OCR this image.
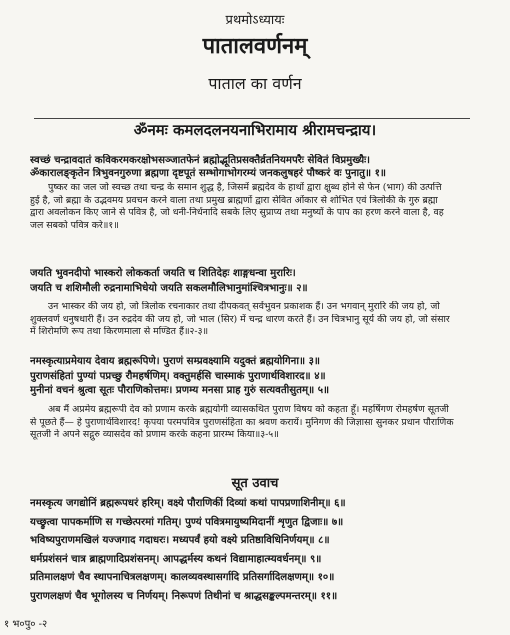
प्रथमोऽध्यायः
पातालवर्णनम्
पाताल का वर्णन
ॐनमः कमलदलनयनाभिरामाय श्रीरामचन्द्राय।
स्वच्छं चन्द्रावदातं कविकरमकरक्षोभसञ्जातफेनं ब्रह्मोद्भूतिप्रसक्तैर्व्रतनियमपरैः सेवितं विप्रमुख्यैः।
ॐकारालङ्कृतेन त्रिभुवनगुरुणा ब्रह्मणा दृष्टपूतं सम्भोगाभोगरम्यं जनकलुषहरं पौष्करं वः पुनातु॥ १॥
पुष्कर का जल जो स्वच्छ तथा चन्द्र के समान शुद्ध है, जिसमें ब्रह्मदेव के हाथों द्वारा क्षुब्ध होने से फेन (भाग) की उत्पत्ति
हुई है, जो ब्रह्मा के उद्भवमय प्रवचन करने वाला तथा प्रमुख ब्राह्मणों द्वारा सेवित ओंकार से शोभित एवं त्रिलोकी के गुरु ब्रह्मा
द्वारा अवलोकन किए जाने से पवित्र है, जो धनी-निर्धनादि सबके लिए सुप्राप्य तथा मनुष्यों के पाप का हरण करने वाला है, वह
जल सबको पवित्र करे॥१॥
जयति भुवनदीपो भास्करो लोककर्ता जयति च शितिदेहः शाङ्गधन्वा मुरारिः।
जयति च शशिमौली रुद्रनामाभिधेयो जयति सकलमौलिभानुमांश्चित्रभानुः॥ २॥
उन भास्कर की जय हो, जो त्रिलोक रचनाकार तथा दीपकवत् सर्वभुवन प्रकाशक हैं। उन भगवान् मुरारि की जय हो, जो
शुक्लवर्ण धनुषधारी हैं। उन रुद्रदेव की जय हो, जो भाल (सिर) में चन्द्र धारण करते हैं। उन चित्रभानु सूर्य की जय हो, जो संसार
में शिरोमणि रूप तथा किरणमाला से मण्डित हैं॥२-३॥
नमस्कृत्याप्रमेयाय देवाय ब्रह्मरूपिणे। पुराणं सम्प्रवक्ष्यामि यदुक्तं ब्रह्मयोगिना॥ ३॥
पुराणसंहितां पुण्यां पप्रच्छु रौमहर्षणिम्। वक्तुमर्हसि चास्माकं पुराणार्थविशारद॥ ४॥
मुनीनां वचनं श्रुत्वा सूतः पौराणिकोत्तमः। प्रणम्य मनसा प्राह गुरुं सत्यवतीसुतम्॥ ५॥
अब मैं अप्रमेय ब्रह्मरूपी देव को प्रणाम करके ब्रह्मयोगी व्यासकथित पुराण विषय को कहता हूँ। महर्षिगण रोमहर्षण सूतजी
से पूछते हैं— हे पुराणार्थविशारद! कृपया परमपवित्र पुराणसंहिता का श्रवण करायें। मुनिगण की जिज्ञासा सुनकर प्रधान पौराणिक
सूतजी ने अपने सद्गुरु व्यासदेव को प्रणाम करके कहना प्रारम्भ किया॥३-५॥
सूत उवाच
नमस्कृत्य जगद्योनिं ब्रह्मरूपधरं हरिम्। वक्ष्ये पौराणिकीं दिव्यां कथां पापप्रणाशिनीम्॥ ६॥
यच्छ्रुत्वा पापकर्माणि स गच्छेत्परमां गतिम्। पुण्यं पवित्रमायुष्यमिदानीं शृणुत द्विजाः॥ ७॥
भविष्यपुराणमखिलं यज्जगाद गदाधरः। मध्यपर्वं हयो वक्ष्ये प्रतिष्ठाविधिनिर्णयम्॥ ८॥
धर्मप्रशंसनं चात्र ब्राह्मणादिप्रशंसनम्। आपद्धर्मस्य कथनं विद्यामाहात्म्यवर्धनम्॥ ९॥
प्रतिमालक्षणं चैव स्थापनाचित्रलक्षणम्। कालव्यवस्थासर्गादि प्रतिसर्गादिलक्षणम्॥ १०॥
पुराणलक्षणं चैव भूगोलस्य च निर्णयम्। निरूपणं तिथीनां च श्राद्धसङ्कल्पमन्तरम्॥ ११॥
१ भ०पु० -२
